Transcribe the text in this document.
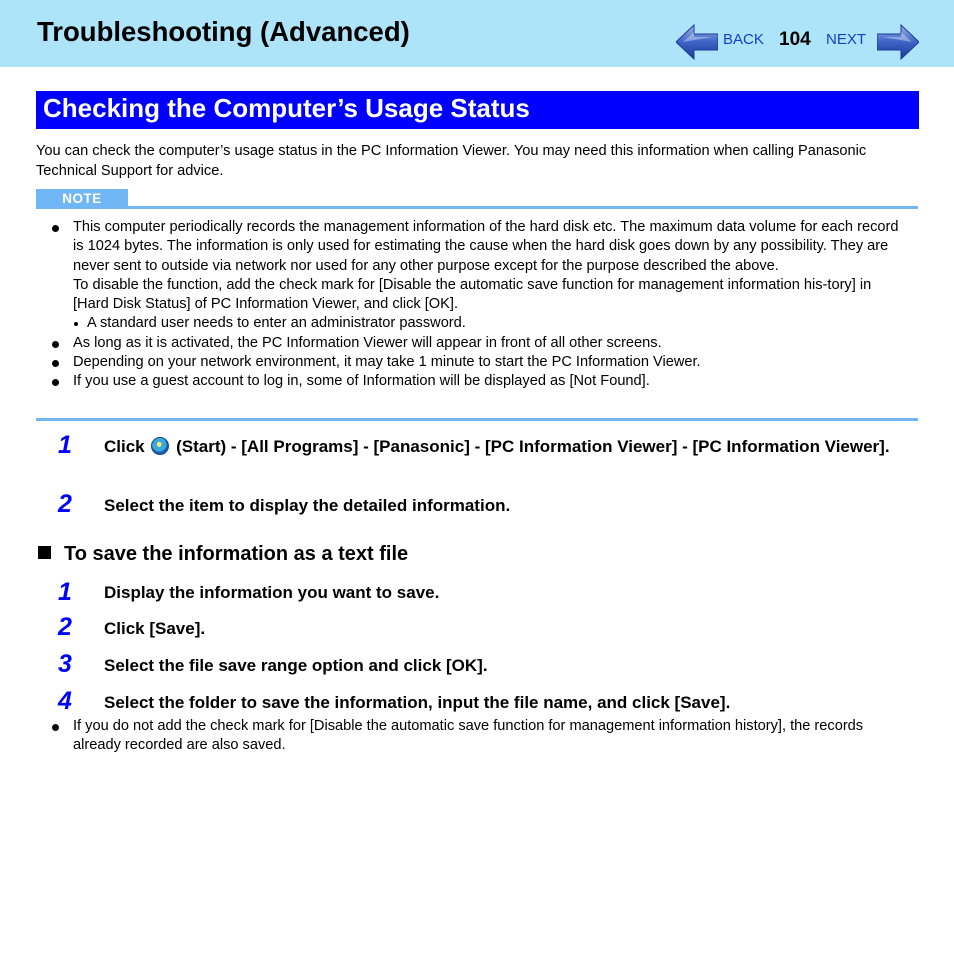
Troubleshooting (Advanced)	BACK 104 NEXT
Checking the Computer’s Usage Status
You can check the computer’s usage status in the PC Information Viewer. You may need this information when calling Panasonic Technical Support for advice.
NOTE
This computer periodically records the management information of the hard disk etc. The maximum data volume for each record is 1024 bytes. The information is only used for estimating the cause when the hard disk goes down by any possibility. They are never sent to outside via network nor used for any other purpose except for the purpose described the above.
To disable the function, add the check mark for [Disable the automatic save function for management information his-tory] in [Hard Disk Status] of PC Information Viewer, and click [OK].
A standard user needs to enter an administrator password.
As long as it is activated, the PC Information Viewer will appear in front of all other screens.
Depending on your network environment, it may take 1 minute to start the PC Information Viewer.
If you use a guest account to log in, some of Information will be displayed as [Not Found].
1 Click (Start) - [All Programs] - [Panasonic] - [PC Information Viewer] - [PC Information Viewer].
2 Select the item to display the detailed information.
To save the information as a text file
1 Display the information you want to save.
2 Click [Save].
3 Select the file save range option and click [OK].
4 Select the folder to save the information, input the file name, and click [Save].
If you do not add the check mark for [Disable the automatic save function for management information history], the records already recorded are also saved.
